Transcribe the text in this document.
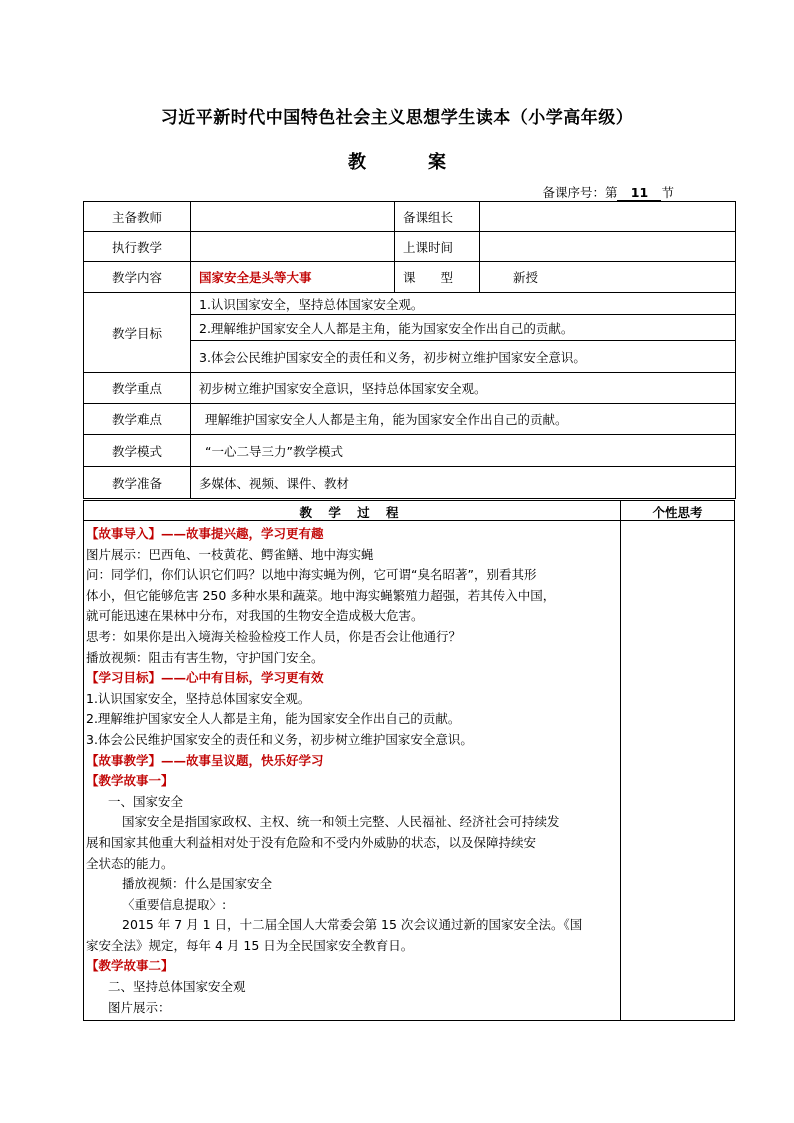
习近平新时代中国特色社会主义思想学生读本（小学高年级）
教	案
备课序号：第 11 节
主备教师		备课组长	
执行教学		上课时间	
教学内容	国家安全是头等大事	课　　型	新授
教学目标	1.认识国家安全，坚持总体国家安全观。		
	2.理解维护国家安全人人都是主角，能为国家安全作出自己的贡献。		
	3.体会公民维护国家安全的责任和义务，初步树立维护国家安全意识。		
教学重点	初步树立维护国家安全意识，坚持总体国家安全观。		
教学难点	理解维护国家安全人人都是主角，能为国家安全作出自己的贡献。		
教学模式	“一心二导三力”教学模式		
教学准备	多媒体、视频、课件、教材		
教 学 过 程	个性思考

【故事导入】——故事提兴趣，学习更有趣

图片展示：巴西龟、一枝黄花、鳄雀鳝、地中海实蝇

问：同学们，你们认识它们吗？以地中海实蝇为例，它可谓“臭名昭著”，别看其形

体小，但它能够危害 250 多种水果和蔬菜。地中海实蝇繁殖力超强，若其传入中国，

就可能迅速在果林中分布，对我国的生物安全造成极大危害。

思考：如果你是出入境海关检验检疫工作人员，你是否会让他通行？

播放视频：阻击有害生物，守护国门安全。

【学习目标】——心中有目标，学习更有效

1.认识国家安全，坚持总体国家安全观。

2.理解维护国家安全人人都是主角，能为国家安全作出自己的贡献。

3.体会公民维护国家安全的责任和义务，初步树立维护国家安全意识。

【故事教学】——故事呈议题，快乐好学习

【教学故事一】

一、国家安全

国家安全是指国家政权、主权、统一和领土完整、人民福祉、经济社会可持续发

展和国家其他重大利益相对处于没有危险和不受内外威胁的状态，以及保障持续安

全状态的能力。

播放视频：什么是国家安全

〈重要信息提取〉:

2015 年 7 月 1 日，十二届全国人大常委会第 15 次会议通过新的国家安全法。《国

家安全法》规定，每年 4 月 15 日为全民国家安全教育日。

【教学故事二】

二、坚持总体国家安全观

图片展示：
